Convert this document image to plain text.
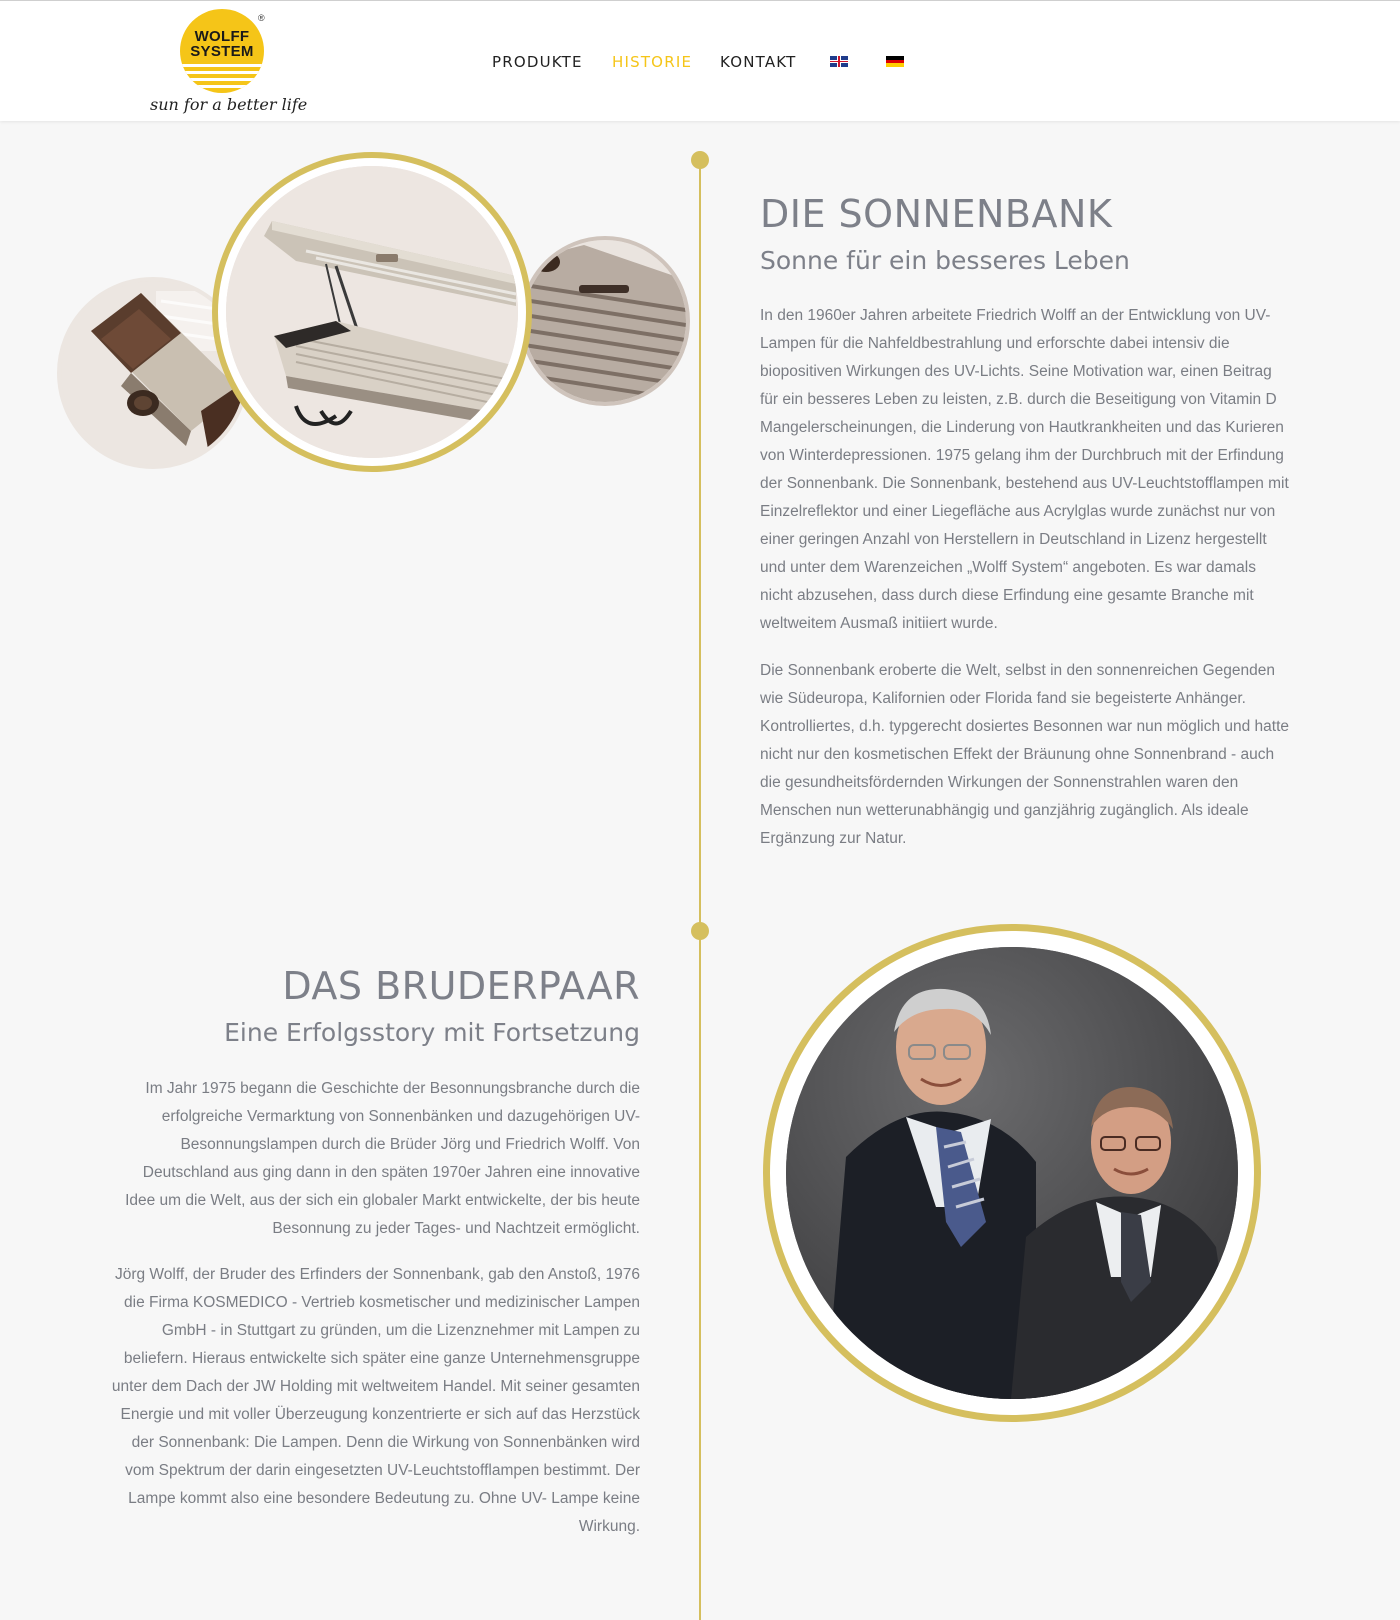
WOLFF
SYSTEM
®
sun for a better life
PRODUKTE HISTORIE KONTAKT
DIE SONNENBANK
Sonne für ein besseres Leben

In den 1960er Jahren arbeitete Friedrich Wolff an der Entwicklung von UV-Lampen für die Nahfeldbestrahlung und erforschte dabei intensiv die biopositiven Wirkungen des UV-Lichts. Seine Motivation war, einen Beitrag für ein besseres Leben zu leisten, z.B. durch die Beseitigung von Vitamin D Mangelerscheinungen, die Linderung von Hautkrankheiten und das Kurieren von Winterdepressionen. 1975 gelang ihm der Durchbruch mit der Erfindung der Sonnenbank. Die Sonnenbank, bestehend aus UV-Leuchtstofflampen mit Einzelreflektor und einer Liegefläche aus Acrylglas wurde zunächst nur von einer geringen Anzahl von Herstellern in Deutschland in Lizenz hergestellt und unter dem Warenzeichen „Wolff System“ angeboten. Es war damals nicht abzusehen, dass durch diese Erfindung eine gesamte Branche mit weltweitem Ausmaß initiiert wurde.

Die Sonnenbank eroberte die Welt, selbst in den sonnenreichen Gegenden wie Südeuropa, Kalifornien oder Florida fand sie begeisterte Anhänger. Kontrolliertes, d.h. typgerecht dosiertes Besonnen war nun möglich und hatte nicht nur den kosmetischen Effekt der Bräunung ohne Sonnenbrand - auch die gesundheitsfördernden Wirkungen der Sonnenstrahlen waren den Menschen nun wetterunabhängig und ganzjährig zugänglich. Als ideale Ergänzung zur Natur.

DAS BRUDERPAAR
Eine Erfolgsstory mit Fortsetzung

Im Jahr 1975 begann die Geschichte der Besonnungsbranche durch die erfolgreiche Vermarktung von Sonnenbänken und dazugehörigen UV-Besonnungslampen durch die Brüder Jörg und Friedrich Wolff. Von Deutschland aus ging dann in den späten 1970er Jahren eine innovative Idee um die Welt, aus der sich ein globaler Markt entwickelte, der bis heute Besonnung zu jeder Tages- und Nachtzeit ermöglicht.

Jörg Wolff, der Bruder des Erfinders der Sonnenbank, gab den Anstoß, 1976 die Firma KOSMEDICO - Vertrieb kosmetischer und medizinischer Lampen GmbH - in Stuttgart zu gründen, um die Lizenznehmer mit Lampen zu beliefern. Hieraus entwickelte sich später eine ganze Unternehmensgruppe unter dem Dach der JW Holding mit weltweitem Handel. Mit seiner gesamten Energie und mit voller Überzeugung konzentrierte er sich auf das Herzstück der Sonnenbank: Die Lampen. Denn die Wirkung von Sonnenbänken wird vom Spektrum der darin eingesetzten UV-Leuchtstofflampen bestimmt. Der Lampe kommt also eine besondere Bedeutung zu. Ohne UV- Lampe keine Wirkung.
